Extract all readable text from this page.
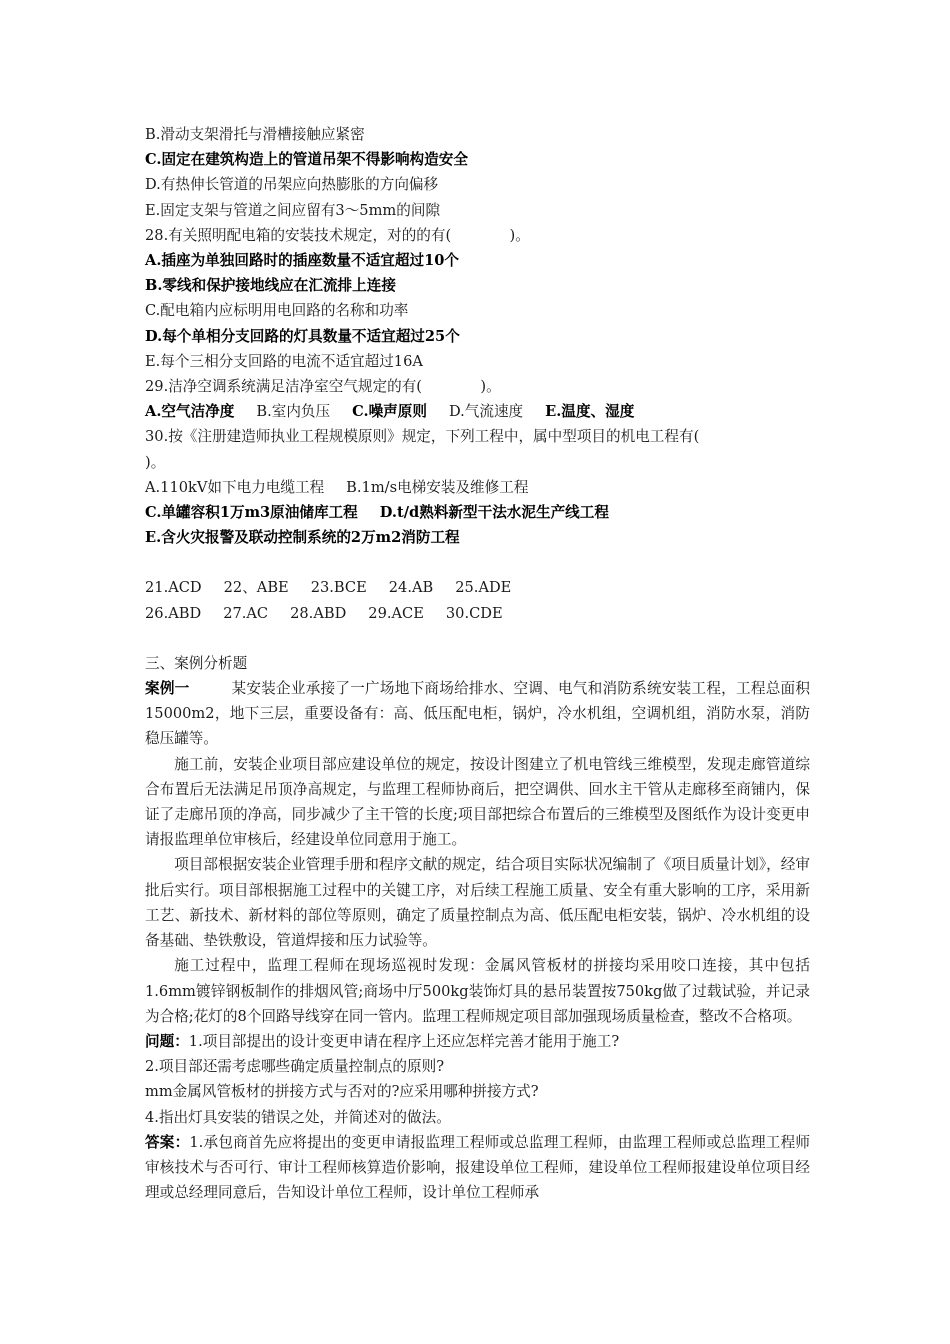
B.滑动支架滑托与滑槽接触应紧密
C.固定在建筑构造上的管道吊架不得影响构造安全
D.有热伸长管道的吊架应向热膨胀的方向偏移
E.固定支架与管道之间应留有3～5mm的间隙
28.有关照明配电箱的安装技术规定，对的的有(　　　　)。
A.插座为单独回路时的插座数量不适宜超过10个
B.零线和保护接地线应在汇流排上连接
C.配电箱内应标明用电回路的名称和功率
D.每个单相分支回路的灯具数量不适宜超过25个
E.每个三相分支回路的电流不适宜超过16A
29.洁净空调系统满足洁净室空气规定的有(　　　　)。
A.空气洁净度 B.室内负压 C.噪声原则 D.气流速度 E.温度、湿度
30.按《注册建造师执业工程规模原则》规定，下列工程中，属中型项目的机电工程有(
)。
A.110kV如下电力电缆工程 B.1m/s电梯安装及维修工程
C.单罐容积1万m3原油储库工程 D.t/d熟料新型干法水泥生产线工程
E.含火灾报警及联动控制系统的2万m2消防工程
21.ACD 22、ABE 23.BCE 24.AB 25.ADE
26.ABD 27.AC 28.ABD 29.ACE 30.CDE
三、案例分析题
案例一	某安装企业承接了一广场地下商场给排水、空调、电气和消防系统安装工程，工程总面积15000m2，地下三层，重要设备有：高、低压配电柜，锅炉，冷水机组，空调机组，消防水泵，消防稳压罐等。
施工前，安装企业项目部应建设单位的规定，按设计图建立了机电管线三维模型，发现走廊管道综合布置后无法满足吊顶净高规定，与监理工程师协商后，把空调供、回水主干管从走廊移至商铺内，保证了走廊吊顶的净高，同步减少了主干管的长度;项目部把综合布置后的三维模型及图纸作为设计变更申请报监理单位审核后，经建设单位同意用于施工。
项目部根据安装企业管理手册和程序文献的规定，结合项目实际状况编制了《项目质量计划》，经审批后实行。项目部根据施工过程中的关键工序，对后续工程施工质量、安全有重大影响的工序，采用新工艺、新技术、新材料的部位等原则，确定了质量控制点为高、低压配电柜安装，锅炉、冷水机组的设备基础、垫铁敷设，管道焊接和压力试验等。
施工过程中，监理工程师在现场巡视时发现：金属风管板材的拼接均采用咬口连接，其中包括1.6mm镀锌钢板制作的排烟风管;商场中厅500kg装饰灯具的悬吊装置按750kg做了过载试验，并记录为合格;花灯的8个回路导线穿在同一管内。监理工程师规定项目部加强现场质量检查，整改不合格项。
问题：1.项目部提出的设计变更申请在程序上还应怎样完善才能用于施工?
2.项目部还需考虑哪些确定质量控制点的原则?
mm金属风管板材的拼接方式与否对的?应采用哪种拼接方式?
4.指出灯具安装的错误之处，并简述对的做法。
答案：1.承包商首先应将提出的变更申请报监理工程师或总监理工程师，由监理工程师或总监理工程师审核技术与否可行、审计工程师核算造价影响，报建设单位工程师，建设单位工程师报建设单位项目经理或总经理同意后，告知设计单位工程师，设计单位工程师承
